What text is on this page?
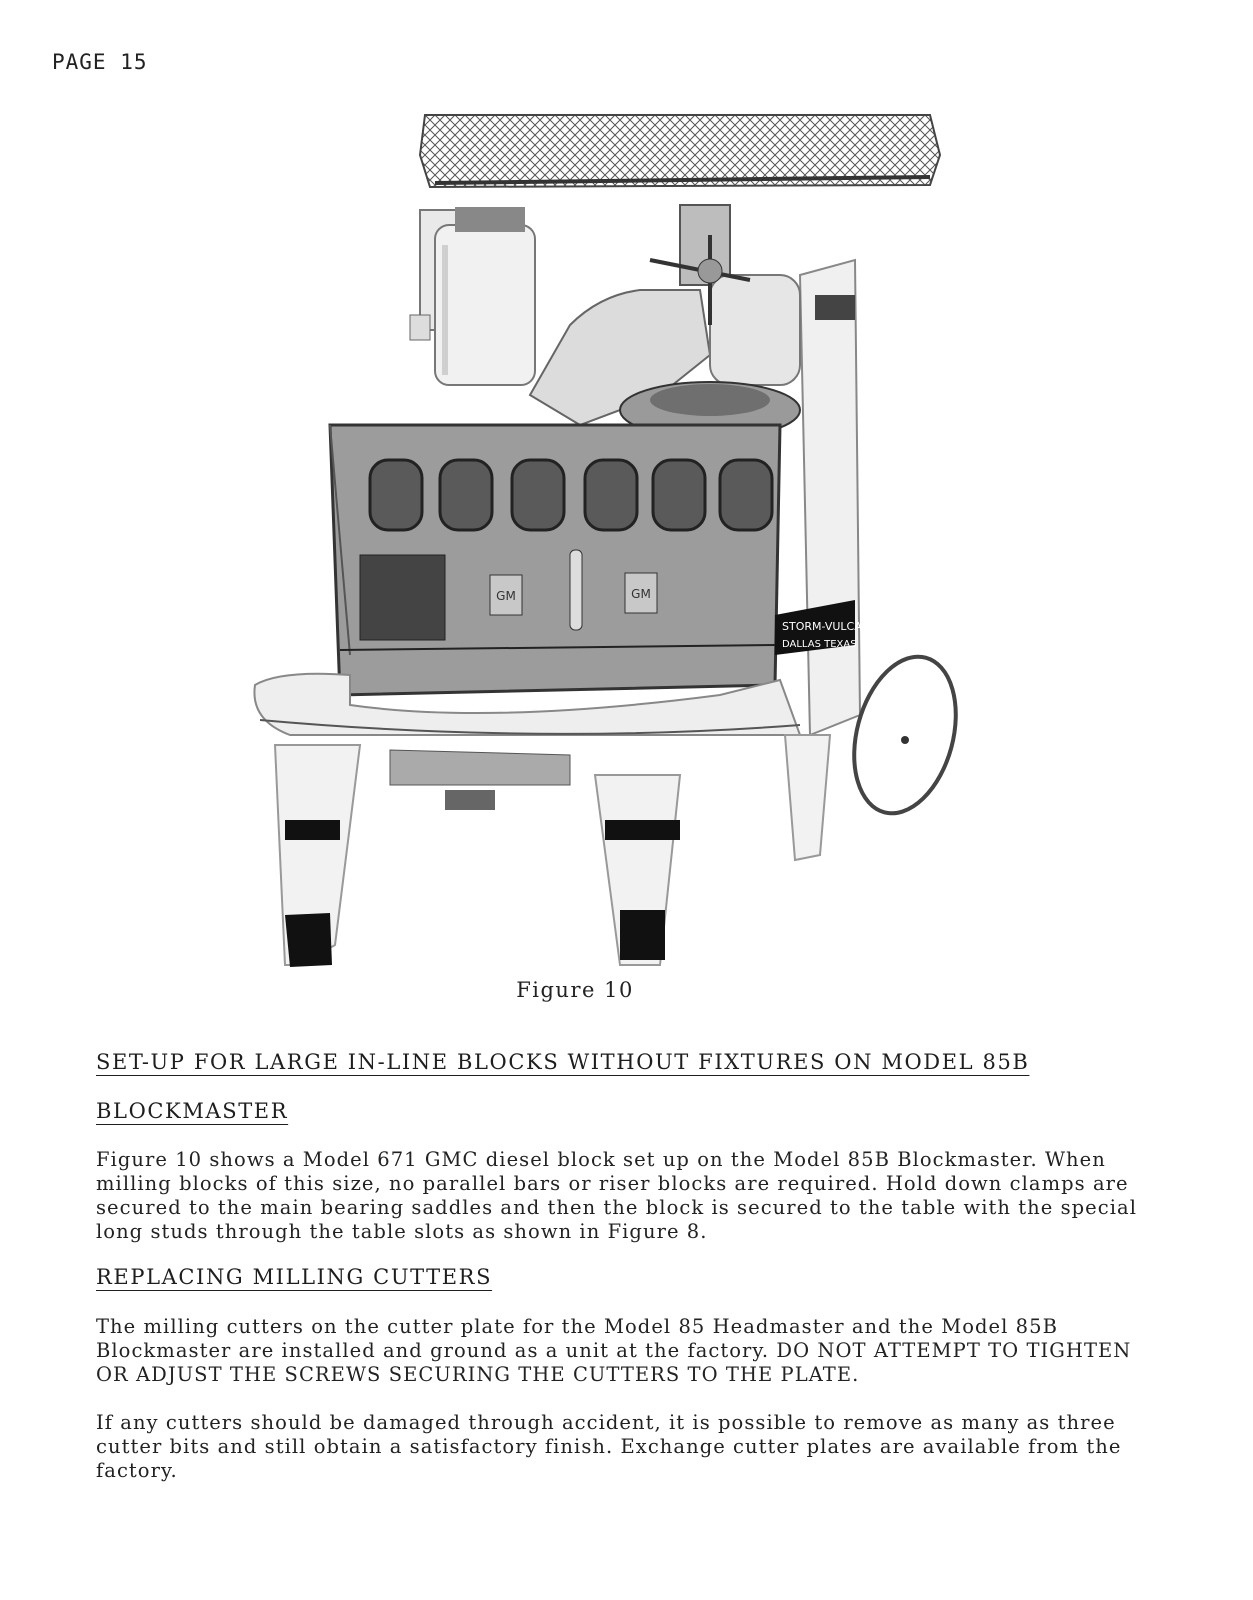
PAGE 15
GM	GM
STORM-VULCAN
DALLAS TEXAS
Figure 10
SET-UP FOR LARGE IN-LINE BLOCKS WITHOUT FIXTURES ON MODEL 85B
BLOCKMASTER

Figure 10 shows a Model 671 GMC diesel block set up on the Model 85B Blockmaster. When milling blocks of this size, no parallel bars or riser blocks are required. Hold down clamps are secured to the main bearing saddles and then the block is secured to the table with the special long studs through the table slots as shown in Figure 8.

REPLACING MILLING CUTTERS

The milling cutters on the cutter plate for the Model 85 Headmaster and the Model 85B Blockmaster are installed and ground as a unit at the factory. DO NOT ATTEMPT TO TIGHTEN OR ADJUST THE SCREWS SECURING THE CUTTERS TO THE PLATE.

If any cutters should be damaged through accident, it is possible to remove as many as three cutter bits and still obtain a satisfactory finish. Exchange cutter plates are available from the factory.
